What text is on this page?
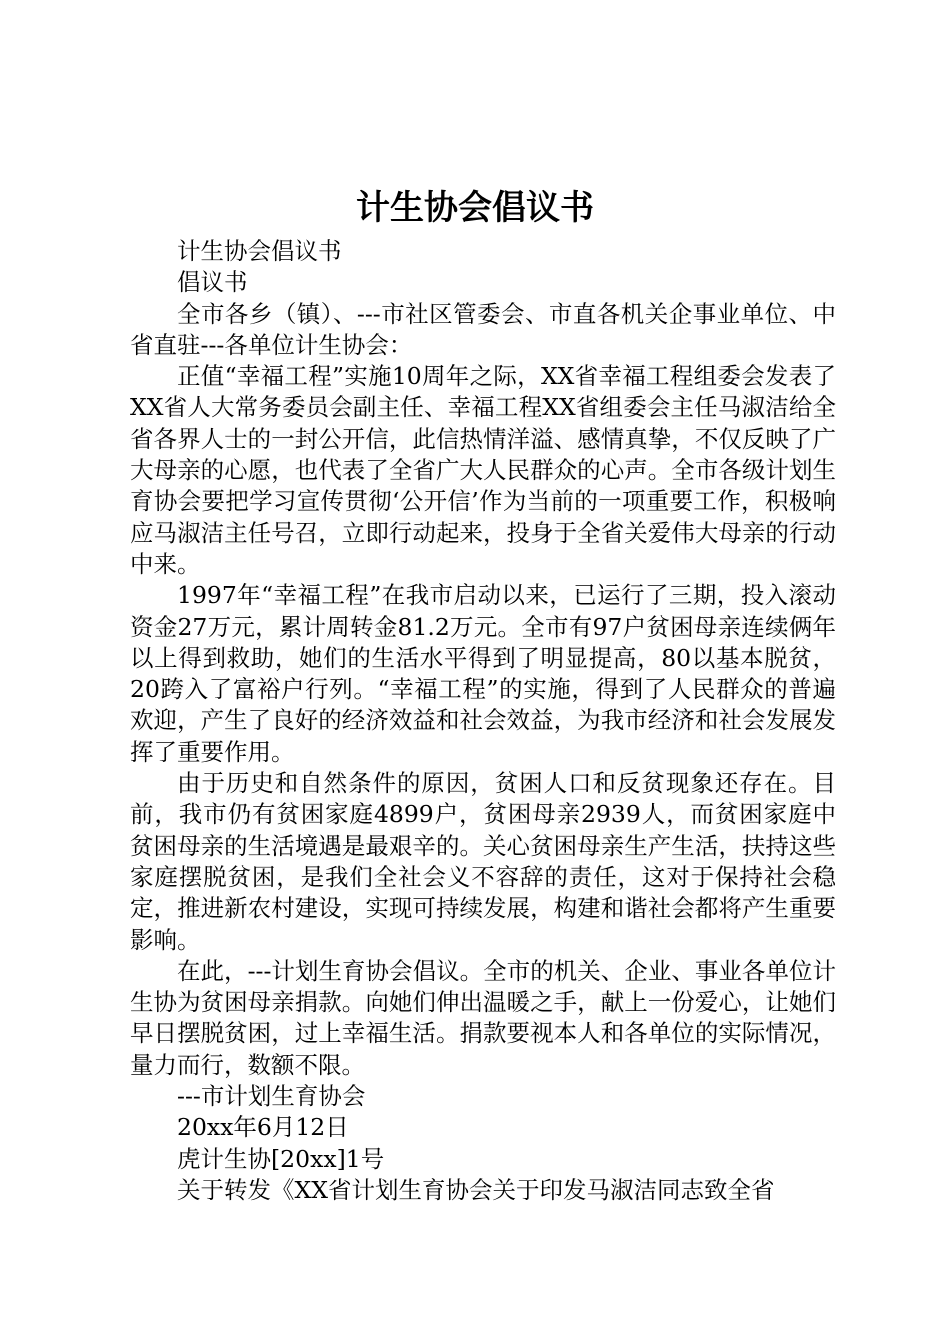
计生协会倡议书

计生协会倡议书

倡议书

全市各乡（镇）、---市社区管委会、市直各机关企事业单位、中省直驻---各单位计生协会：

正值“幸福工程”实施10周年之际，XX省幸福工程组委会发表了XX省人大常务委员会副主任、幸福工程XX省组委会主任马淑洁给全省各界人士的一封公开信，此信热情洋溢、感情真挚，不仅反映了广大母亲的心愿，也代表了全省广大人民群众的心声。全市各级计划生育协会要把学习宣传贯彻‘公开信’作为当前的一项重要工作，积极响应马淑洁主任号召，立即行动起来，投身于全省关爱伟大母亲的行动中来。

1997年“幸福工程”在我市启动以来，已运行了三期，投入滚动资金27万元，累计周转金81.2万元。全市有97户贫困母亲连续俩年以上得到救助，她们的生活水平得到了明显提高，80以基本脱贫，20跨入了富裕户行列。“幸福工程”的实施，得到了人民群众的普遍欢迎，产生了良好的经济效益和社会效益，为我市经济和社会发展发挥了重要作用。

由于历史和自然条件的原因，贫困人口和反贫现象还存在。目前，我市仍有贫困家庭4899户，贫困母亲2939人，而贫困家庭中贫困母亲的生活境遇是最艰辛的。关心贫困母亲生产生活，扶持这些家庭摆脱贫困，是我们全社会义不容辞的责任，这对于保持社会稳定，推进新农村建设，实现可持续发展，构建和谐社会都将产生重要影响。

在此，---计划生育协会倡议。全市的机关、企业、事业各单位计生协为贫困母亲捐款。向她们伸出温暖之手，献上一份爱心，让她们早日摆脱贫困，过上幸福生活。捐款要视本人和各单位的实际情况，量力而行，数额不限。

---市计划生育协会

20xx年6月12日

虎计生协[20xx]1号

关于转发《XX省计划生育协会关于印发马淑洁同志致全省
